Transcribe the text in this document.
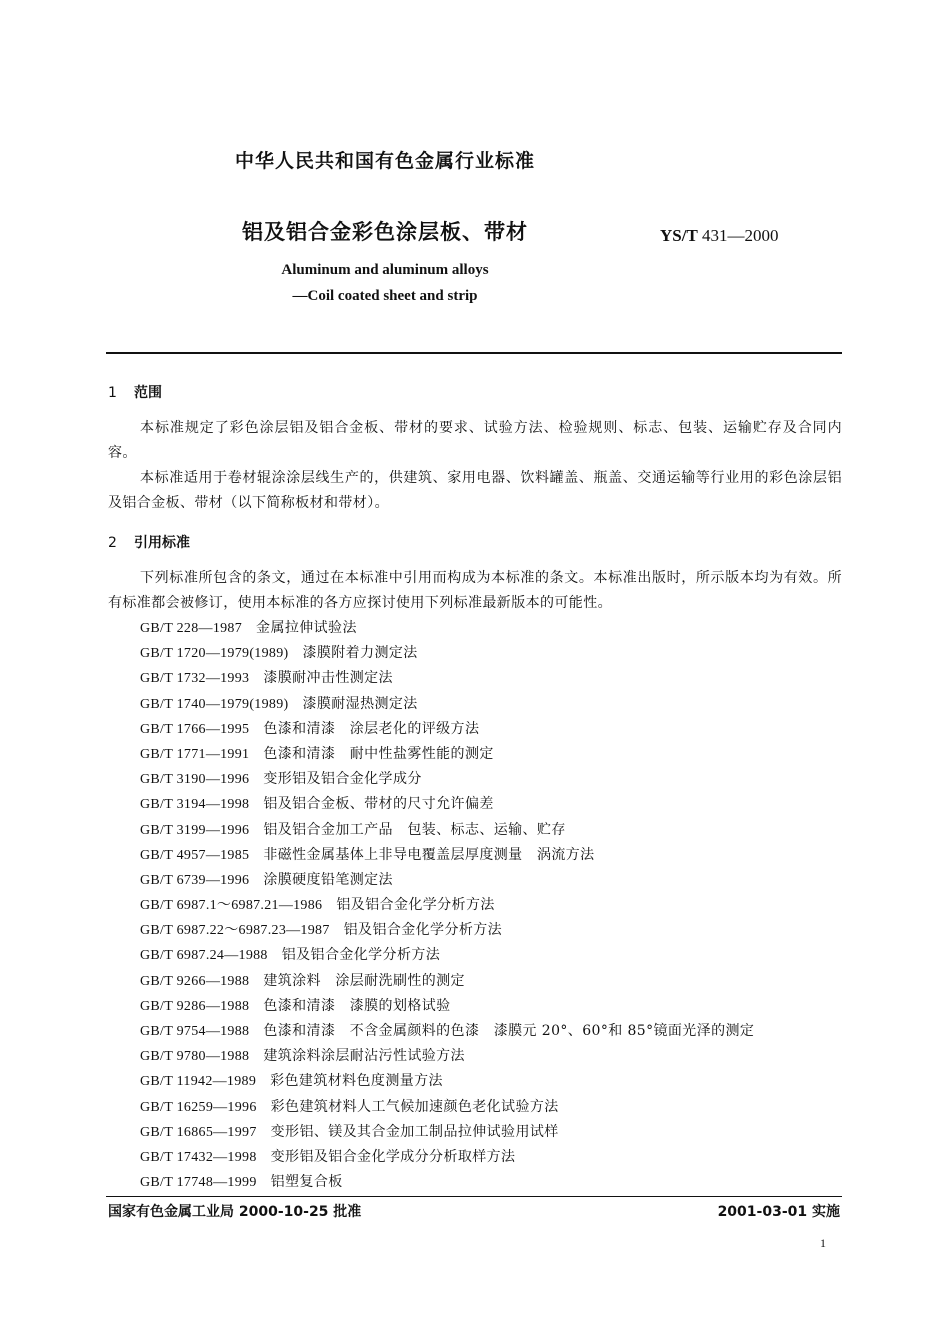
中华人民共和国有色金属行业标准
铝及铝合金彩色涂层板、带材	YS/T 431—2000
Aluminum and aluminum alloys
—Coil coated sheet and strip
1 范围
本标准规定了彩色涂层铝及铝合金板、带材的要求、试验方法、检验规则、标志、包装、运输贮存及合同内容。
本标准适用于卷材辊涂涂层线生产的，供建筑、家用电器、饮料罐盖、瓶盖、交通运输等行业用的彩色涂层铝及铝合金板、带材（以下简称板材和带材）。
2 引用标准
下列标准所包含的条文，通过在本标准中引用而构成为本标准的条文。本标准出版时，所示版本均为有效。所有标准都会被修订，使用本标准的各方应探讨使用下列标准最新版本的可能性。
GB/T 228—1987 金属拉伸试验法
GB/T 1720—1979(1989) 漆膜附着力测定法
GB/T 1732—1993 漆膜耐冲击性测定法
GB/T 1740—1979(1989) 漆膜耐湿热测定法
GB/T 1766—1995 色漆和清漆　涂层老化的评级方法
GB/T 1771—1991 色漆和清漆　耐中性盐雾性能的测定
GB/T 3190—1996 变形铝及铝合金化学成分
GB/T 3194—1998 铝及铝合金板、带材的尺寸允许偏差
GB/T 3199—1996 铝及铝合金加工产品　包装、标志、运输、贮存
GB/T 4957—1985 非磁性金属基体上非导电覆盖层厚度测量　涡流方法
GB/T 6739—1996 涂膜硬度铅笔测定法
GB/T 6987.1～6987.21—1986 铝及铝合金化学分析方法
GB/T 6987.22～6987.23—1987 铝及铝合金化学分析方法
GB/T 6987.24—1988 铝及铝合金化学分析方法
GB/T 9266—1988 建筑涂料　涂层耐洗刷性的测定
GB/T 9286—1988 色漆和清漆　漆膜的划格试验
GB/T 9754—1988 色漆和清漆　不含金属颜料的色漆　漆膜元 20°、60°和 85°镜面光泽的测定
GB/T 9780—1988 建筑涂料涂层耐沾污性试验方法
GB/T 11942—1989 彩色建筑材料色度测量方法
GB/T 16259—1996 彩色建筑材料人工气候加速颜色老化试验方法
GB/T 16865—1997 变形铝、镁及其合金加工制品拉伸试验用试样
GB/T 17432—1998 变形铝及铝合金化学成分分析取样方法
GB/T 17748—1999 铝塑复合板
国家有色金属工业局 2000-10-25 批准	2001-03-01 实施
1
